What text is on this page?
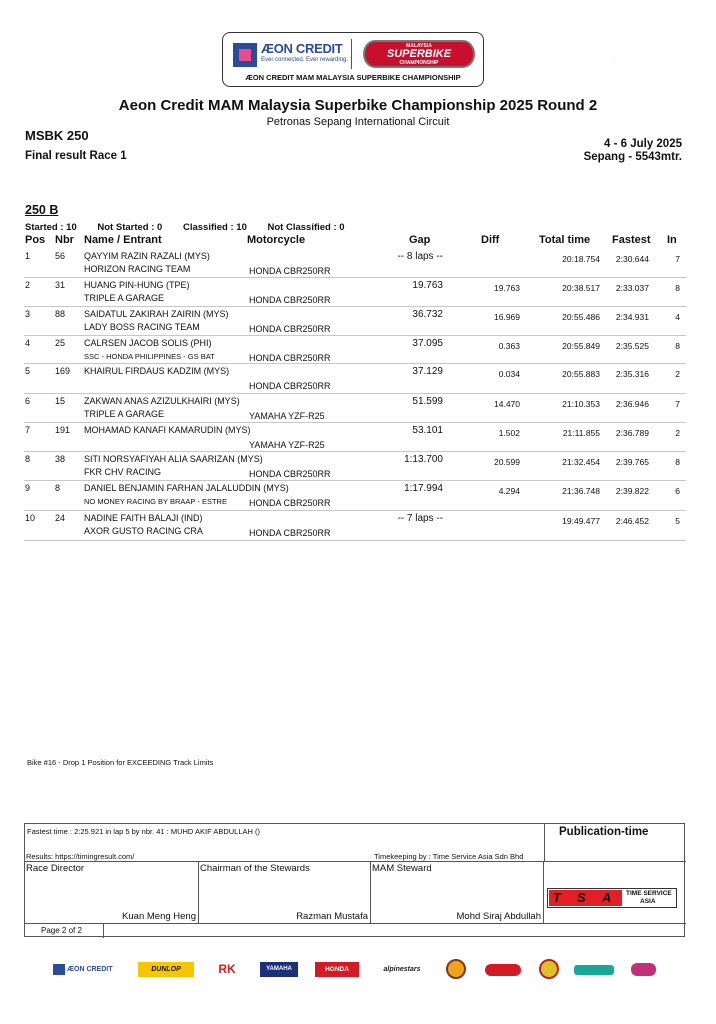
ÆON CREDIT
Ever connected. Ever rewarding.
MALAYSIA
SUPERBIKE
CHAMPIONSHIP
ÆON CREDIT MAM MALAYSIA SUPERBIKE CHAMPIONSHIP
·
Aeon Credit MAM Malaysia Superbike Championship 2025 Round 2
Petronas Sepang International Circuit
MSBK 250
Final result Race 1
4 - 6 July 2025
Sepang - 5543mtr.
250 B
Started : 10 Not Started : 0 Classified : 10 Not Classified : 0
Pos Nbr Name / Entrant	Motorcycle	Gap	Diff	Total time Fastest In
1	56 QAYYIM RAZIN RAZALI (MYS)
HORIZON RACING TEAM	HONDA CBR250RR
-- 8 laps --	20:18.754 2:30.644	7
2	31 HUANG PIN-HUNG (TPE)
TRIPLE A GARAGE	HONDA CBR250RR
19.763	19.763	20:38.517 2:33.037	8
3	88 SAIDATUL ZAKIRAH ZAIRIN (MYS)
LADY BOSS RACING TEAM	HONDA CBR250RR
36.732	16.969	20:55.486 2:34.931	4
4	25 CALRSEN JACOB SOLIS (PHI)
SSC - HONDA PHILIPPINES - GS BAT	HONDA CBR250RR
37.095	0.363	20:55.849 2:35.525	8
5	169 KHAIRUL FIRDAUS KADZIM (MYS)
HONDA CBR250RR
37.129	0.034	20:55.883 2:35.316	2
6	15 ZAKWAN ANAS AZIZULKHAIRI (MYS)
TRIPLE A GARAGE	YAMAHA YZF-R25
51.599	14.470	21:10.353 2:36.946	7
7	191 MOHAMAD KANAFI KAMARUDIN (MYS)
YAMAHA YZF-R25
53.101	1.502	21:11.855 2:36.789	2
8	38 SITI NORSYAFIYAH ALIA SAARIZAN (MYS)
FKR CHV RACING	HONDA CBR250RR
1:13.700	20.599	21:32.454 2:39.765	8
9	8	DANIEL BENJAMIN FARHAN JALALUDDIN (MYS)
NO MONEY RACING BY BRAAP - ESTRE HONDA CBR250RR
1:17.994	4.294	21:36.748 2:39.822	6
10 24 NADINE FAITH BALAJI (IND)
AXOR GUSTO RACING CRA	HONDA CBR250RR
-- 7 laps --	19:49.477 2:46.452	5
Bike #16 - Drop 1 Position for EXCEEDING Track Limits
Fastest time : 2:25.921 in lap 5 by nbr. 41 : MUHD AKIF ABDULLAH ()	Publication-time
Results: https://timingresult.com/	Timekeeping by : Time Service Asia Sdn Bhd
Race Director
Kuan Meng Heng
Chairman of the Stewards
Razman Mustafa
MAM Steward
Mohd Siraj Abdullah
T S A TIME SERVICE
ASIA
Page 2 of 2
ÆON CREDIT	DUNLOP	RK	YAMAHA	HONDA	alpinestars
